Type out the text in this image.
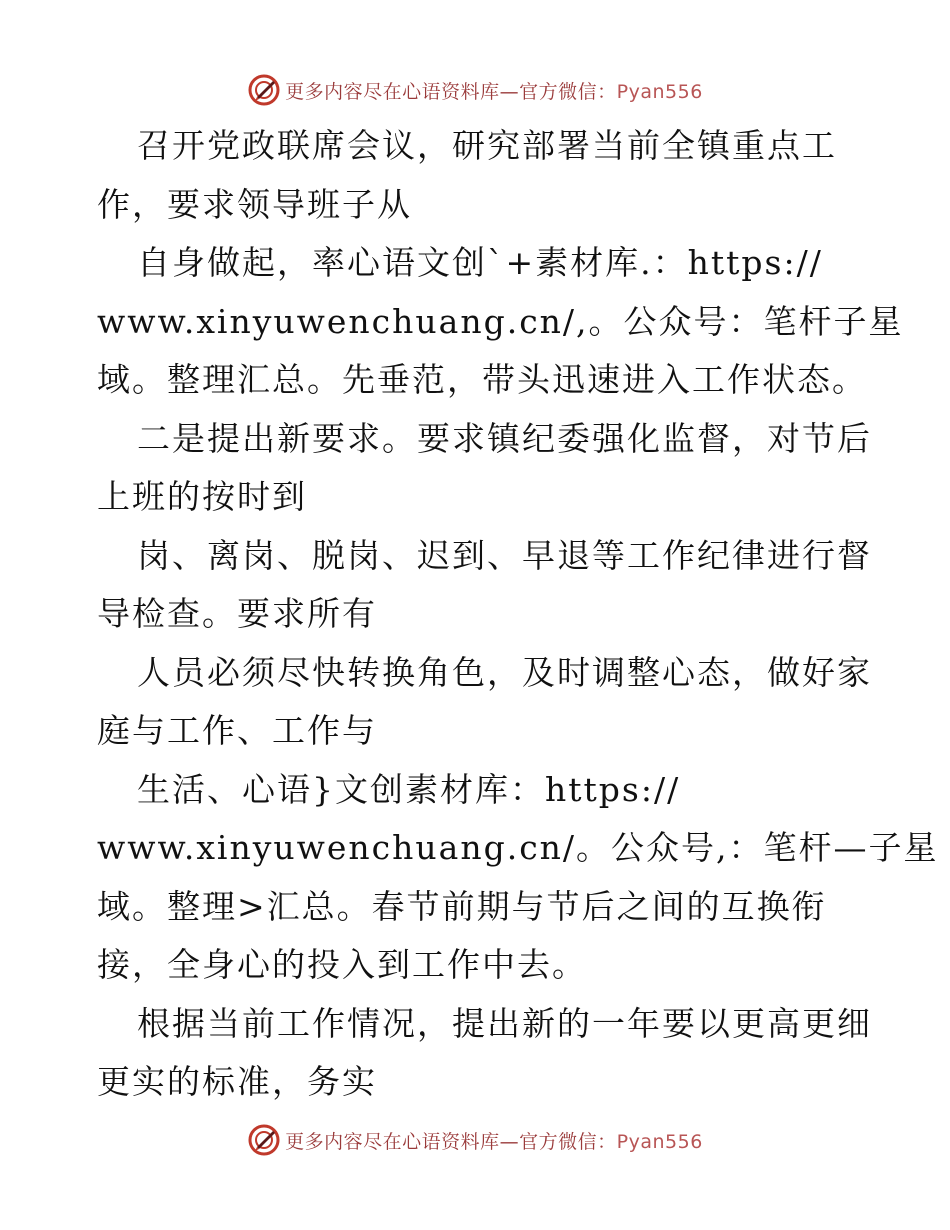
更多内容尽在心语资料库—官方微信：Pyan556
召开党政联席会议，研究部署当前全镇重点工
作，要求领导班子从
自身做起，率心语文创`+素材库.：https://
www.xinyuwenchuang.cn/,。公众号：笔杆子星
域。整理汇总。先垂范，带头迅速进入工作状态。
二是提出新要求。要求镇纪委强化监督，对节后
上班的按时到
岗、离岗、脱岗、迟到、早退等工作纪律进行督
导检查。要求所有
人员必须尽快转换角色，及时调整心态，做好家
庭与工作、工作与
生活、心语}文创素材库：https://
www.xinyuwenchuang.cn/。公众号,：笔杆—子星
域。整理>汇总。春节前期与节后之间的互换衔
接，全身心的投入到工作中去。
根据当前工作情况，提出新的一年要以更高更细
更实的标准，务实
更多内容尽在心语资料库—官方微信：Pyan556
